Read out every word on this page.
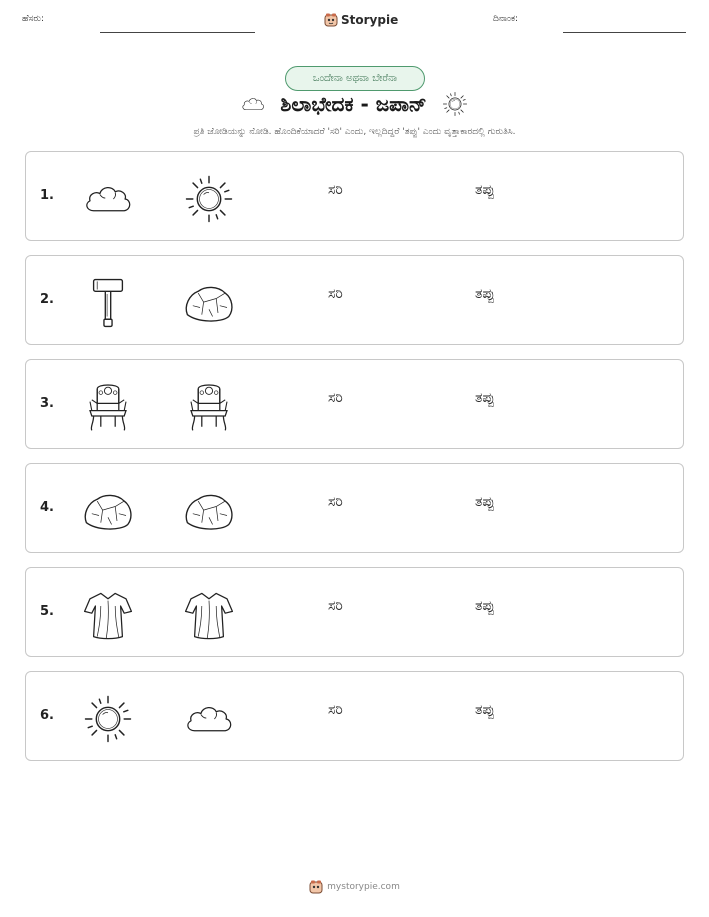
ಹೆಸರು:	Storypie	ದಿನಾಂಕ:
ಒಂದೇನಾ ಅಥವಾ ಬೇರೆನಾ
ಶಿಲಾಭೇದಕ - ಜಪಾನ್
ಪ್ರತಿ ಜೋಡಿಯನ್ನು ನೋಡಿ. ಹೊಂದಿಕೆಯಾದರೆ 'ಸರಿ' ಎಂದು, ಇಲ್ಲದಿದ್ದರೆ 'ತಪ್ಪು' ಎಂದು ವೃತ್ತಾಕಾರದಲ್ಲಿ ಗುರುತಿಸಿ.
1.	ಸರಿ	ತಪ್ಪು
2.	ಸರಿ	ತಪ್ಪು
3.	ಸರಿ	ತಪ್ಪು
4.	ಸರಿ	ತಪ್ಪು
5.	ಸರಿ	ತಪ್ಪು
6.	ಸರಿ	ತಪ್ಪು
mystorypie.com
